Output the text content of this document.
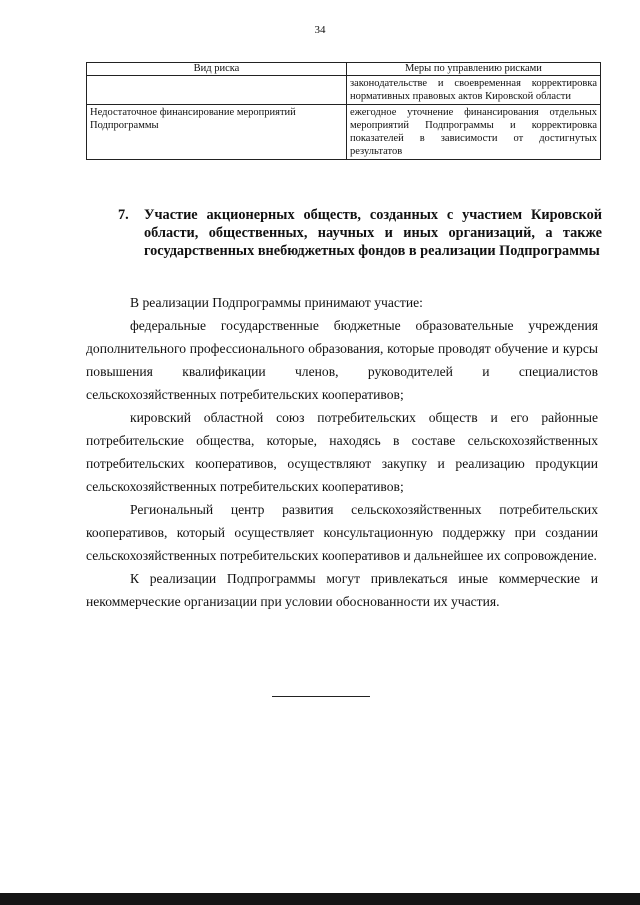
34
Вид риска	Меры по управлению рисками
	законодательстве и своевременная корректировка нормативных правовых актов Кировской области
Недостаточное финансирование мероприятий Подпрограммы	ежегодное уточнение финансирования отдельных мероприятий Подпрограммы и корректировка показателей в зависимости от достигнутых результатов
7. Участие акционерных обществ, созданных с участием Кировской области, общественных, научных и иных организаций, а также государственных внебюджетных фондов в реализации Подпрограммы

В реализации Подпрограммы принимают участие:

федеральные государственные бюджетные образовательные учреждения дополнительного профессионального образования, которые проводят обучение и курсы повышения квалификации членов, руководителей и специалистов сельскохозяйственных потребительских кооперативов;

кировский областной союз потребительских обществ и его районные потребительские общества, которые, находясь в составе сельскохозяйственных потребительских кооперативов, осуществляют закупку и реализацию продукции сельскохозяйственных потребительских кооперативов;

Региональный центр развития сельскохозяйственных потребительских кооперативов, который осуществляет консультационную поддержку при создании сельскохозяйственных потребительских кооперативов и дальнейшее их сопровождение.

К реализации Подпрограммы могут привлекаться иные коммерческие и некоммерческие организации при условии обоснованности их участия.
